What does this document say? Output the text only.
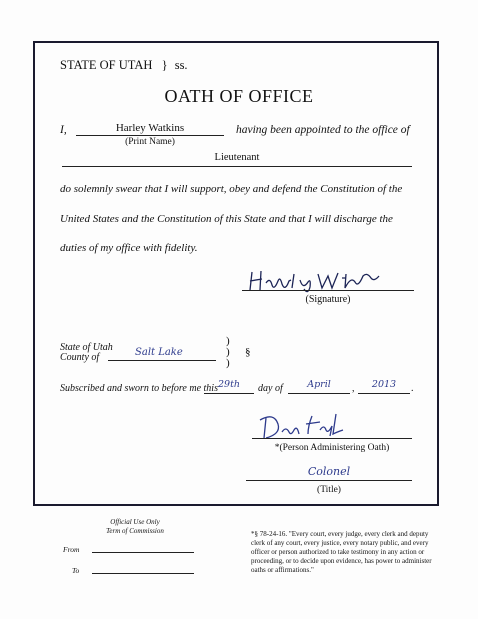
STATE OF UTAH } ss.
OATH OF OFFICE
I,	Harley Watkins
(Print Name)
having been appointed to the office of
Lieutenant
do solemnly swear that I will support, obey and defend the Constitution of the
United States and the Constitution of this State and that I will discharge the
duties of my office with fidelity.
(Signature)
State of Utah
County of	Salt Lake
)
)
)
§
Subscribed and sworn to before me this 29th	day of	April	,	2013	.
*(Person Administering Oath)
Colonel
(Title)
Official Use Only
Term of Commission
From
To
*§ 78-24-16. "Every court, every judge, every clerk and deputy clerk of any court, every justice, every notary public, and every officer or person authorized to take testimony in any action or proceeding, or to decide upon evidence, has power to administer oaths or affirmations."
